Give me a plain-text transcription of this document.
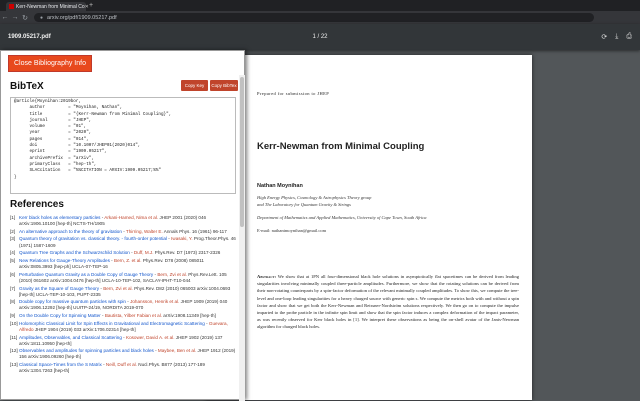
Kerr-Newman from Minimal Co ✕ +
← → ↻	● arxiv.org/pdf/1909.05217.pdf
1909.05217.pdf	1 / 22	⟳ ⤓ ⎙
Prepared for submission to JHEP
Kerr-Newman from Minimal Coupling
Nathan Moynihan
High Energy Physics, Cosmology & Astrophysics Theory group
and The Laboratory for Quantum Gravity & Strings
Department of Mathematics and Applied Mathematics, University of Cape Town, South Africa
E-mail: nathantmoynihan@gmail.com
Abstract: We show that at 1PN all four-dimensional black hole solutions in asymptotically flat spacetimes can be derived from leading singularities involving minimally coupled three-particle amplitudes. Furthermore, we show that the rotating solutions can be derived from their non-rotating counterparts by a spin-factor deformation of the relevant minimally coupled amplitudes. To show this, we compute the tree-level and one-loop leading singularities for a heavy charged source with generic spin s. We compute the metrics both with and without a spin factor and show that we get both the Kerr-Newman and Reissner-Nordström solutions respectively. We then go on to compute the impulse imparted to the probe particle in the infinite spin limit and show that the spin factor induces a complex deformation of the impact parameter, as was recently observed for Kerr black holes in [1]. We interpret these observations as being the on-shell avatar of the Janis-Newman algorithm for charged black holes.
Close Bibliography Info
BibTeX	Copy Key	Copy BibTex
@article{Moynihan:2019bor,
author         = "Moynihan, Nathan",
title          = "{Kerr-Newman from Minimal Coupling}",
journal        = "JHEP",
volume         = "01",
year           = "2020",
pages          = "014",
doi            = "10.1007/JHEP01(2020)014",
eprint         = "1909.05217",
archivePrefix  = "arXiv",
primaryClass   = "hep-th",
SLACcitation   = "%%CITATION = ARXIV:1909.05217;%%"
}
References
[1] Kerr black holes as elementary particles - Arkani-Hamed, Nima et al. JHEP 2001 (2020) 046 arXiv:1906.10100 [hep-th] NCTS-TH/1905
[2] An alternative approach to the theory of gravitation - Thirring, Walter E. Annals Phys. 16 (1961) 96-117
[3] Quantum theory of gravitation vs. classical theory. - fourth-order potential - Iwasaki, Y. Prog.Theor.Phys. 46 (1971) 1587-1609
[4] Quantum Tree Graphs and the Schwarzschild Solution - Duff, M.J. Phys.Rev. D7 (1973) 2317-2326
[5] New Relations for Gauge-Theory Amplitudes - Bern, Z. et al. Phys.Rev. D78 (2008) 085011 arXiv:0805.3993 [hep-ph] UCLA-07-TEP-16
[6] Perturbative Quantum Gravity as a Double Copy of Gauge Theory - Bern, Zvi et al. Phys.Rev.Lett. 105 (2010) 061602 arXiv:1004.0476 [hep-th] UCLA-10-TEP-102, SACLAY-IPHT-T10-044
[7] Gravity as the Square of Gauge Theory - Bern, Zvi et al. Phys.Rev. D82 (2010) 065003 arXiv:1004.0693 [hep-th] UCLA-TEP-10-103, PUPT-2335
[8] Double copy for massive quantum particles with spin - Johansson, Henrik et al. JHEP 1909 (2019) 040 arXiv:1906.12292 [hep-th] UUITP-24/19, NORDITA 2019-070
[9] On the Double Copy for Spinning Matter - Bautista, Yilber Fabian et al. arXiv:1908.11349 [hep-th]
[10] Holomorphic Classical Limit for Spin Effects in Gravitational and Electromagnetic Scattering - Guevara, Alfredo JHEP 1904 (2019) 033 arXiv:1706.02314 [hep-th]
[11] Amplitudes, Observables, and Classical Scattering - Kosower, David A. et al. JHEP 1902 (2019) 137 arXiv:1811.10950 [hep-th]
[12] Observables and amplitudes for spinning particles and black holes - Maybee, Ben et al. JHEP 1912 (2019) 156 arXiv:1906.09260 [hep-th]
[13] Classical Space-Times from the S Matrix - Neill, Duff et al. Nucl.Phys. B877 (2013) 177-189 arXiv:1304.7263 [hep-th]
